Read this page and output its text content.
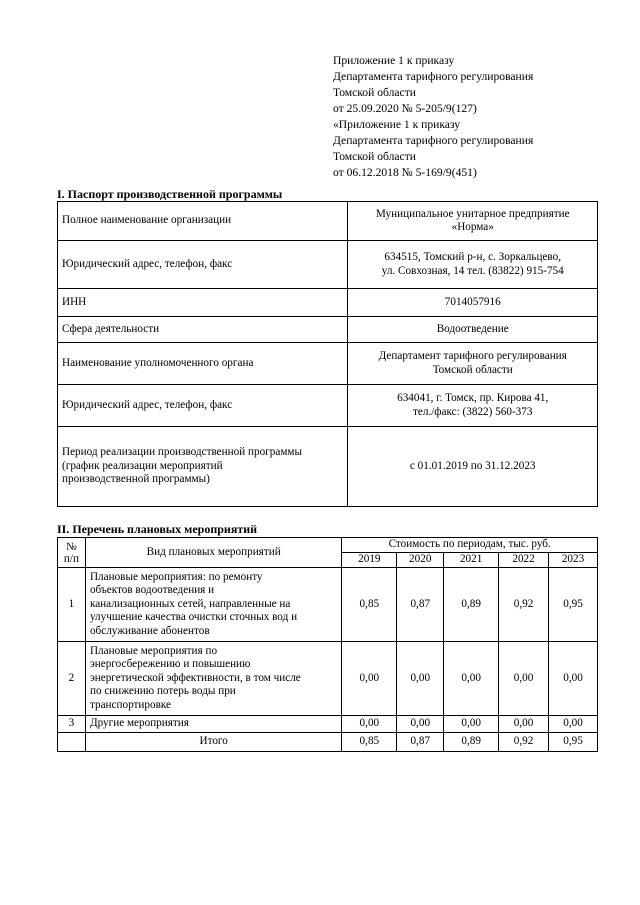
Приложение 1 к приказу
Департамента тарифного регулирования
Томской области
от 25.09.2020 № 5-205/9(127)
«Приложение 1 к приказу
Департамента тарифного регулирования
Томской области
от 06.12.2018 № 5-169/9(451)
I. Паспорт производственной программы
Полное наименование организации	Муниципальное унитарное предприятие
«Норма»

Юридический адрес, телефон, факс	634515, Томский р-н, с. Зоркальцево,
ул. Совхозная, 14 тел. (83822) 915-754

ИНН	7014057916

Сфера деятельности	Водоотведение

Наименование уполномоченного органа	Департамент тарифного регулирования
Томской области

Юридический адрес, телефон, факс	634041, г. Томск, пр. Кирова 41,
тел./факс: (3822) 560-373

Период реализации производственной программы
(график реализации мероприятий
производственной программы)	с 01.01.2019 по 31.12.2023
II. Перечень плановых мероприятий
№
п/п	Вид плановых мероприятий	Стоимость по периодам, тыс. руб.				
		2019	2020	2021	2022	2023
1	Плановые мероприятия: по ремонту
объектов водоотведения и
канализационных сетей, направленные на
улучшение качества очистки сточных вод и
обслуживание абонентов	0,85	0,87	0,89	0,92	0,95
2	Плановые мероприятия по
энергосбережению и повышению
энергетической эффективности, в том числе
по снижению потерь воды при
транспортировке	0,00	0,00	0,00	0,00	0,00
3	Другие мероприятия	0,00	0,00	0,00	0,00	0,00
	Итого	0,85	0,87	0,89	0,92	0,95
